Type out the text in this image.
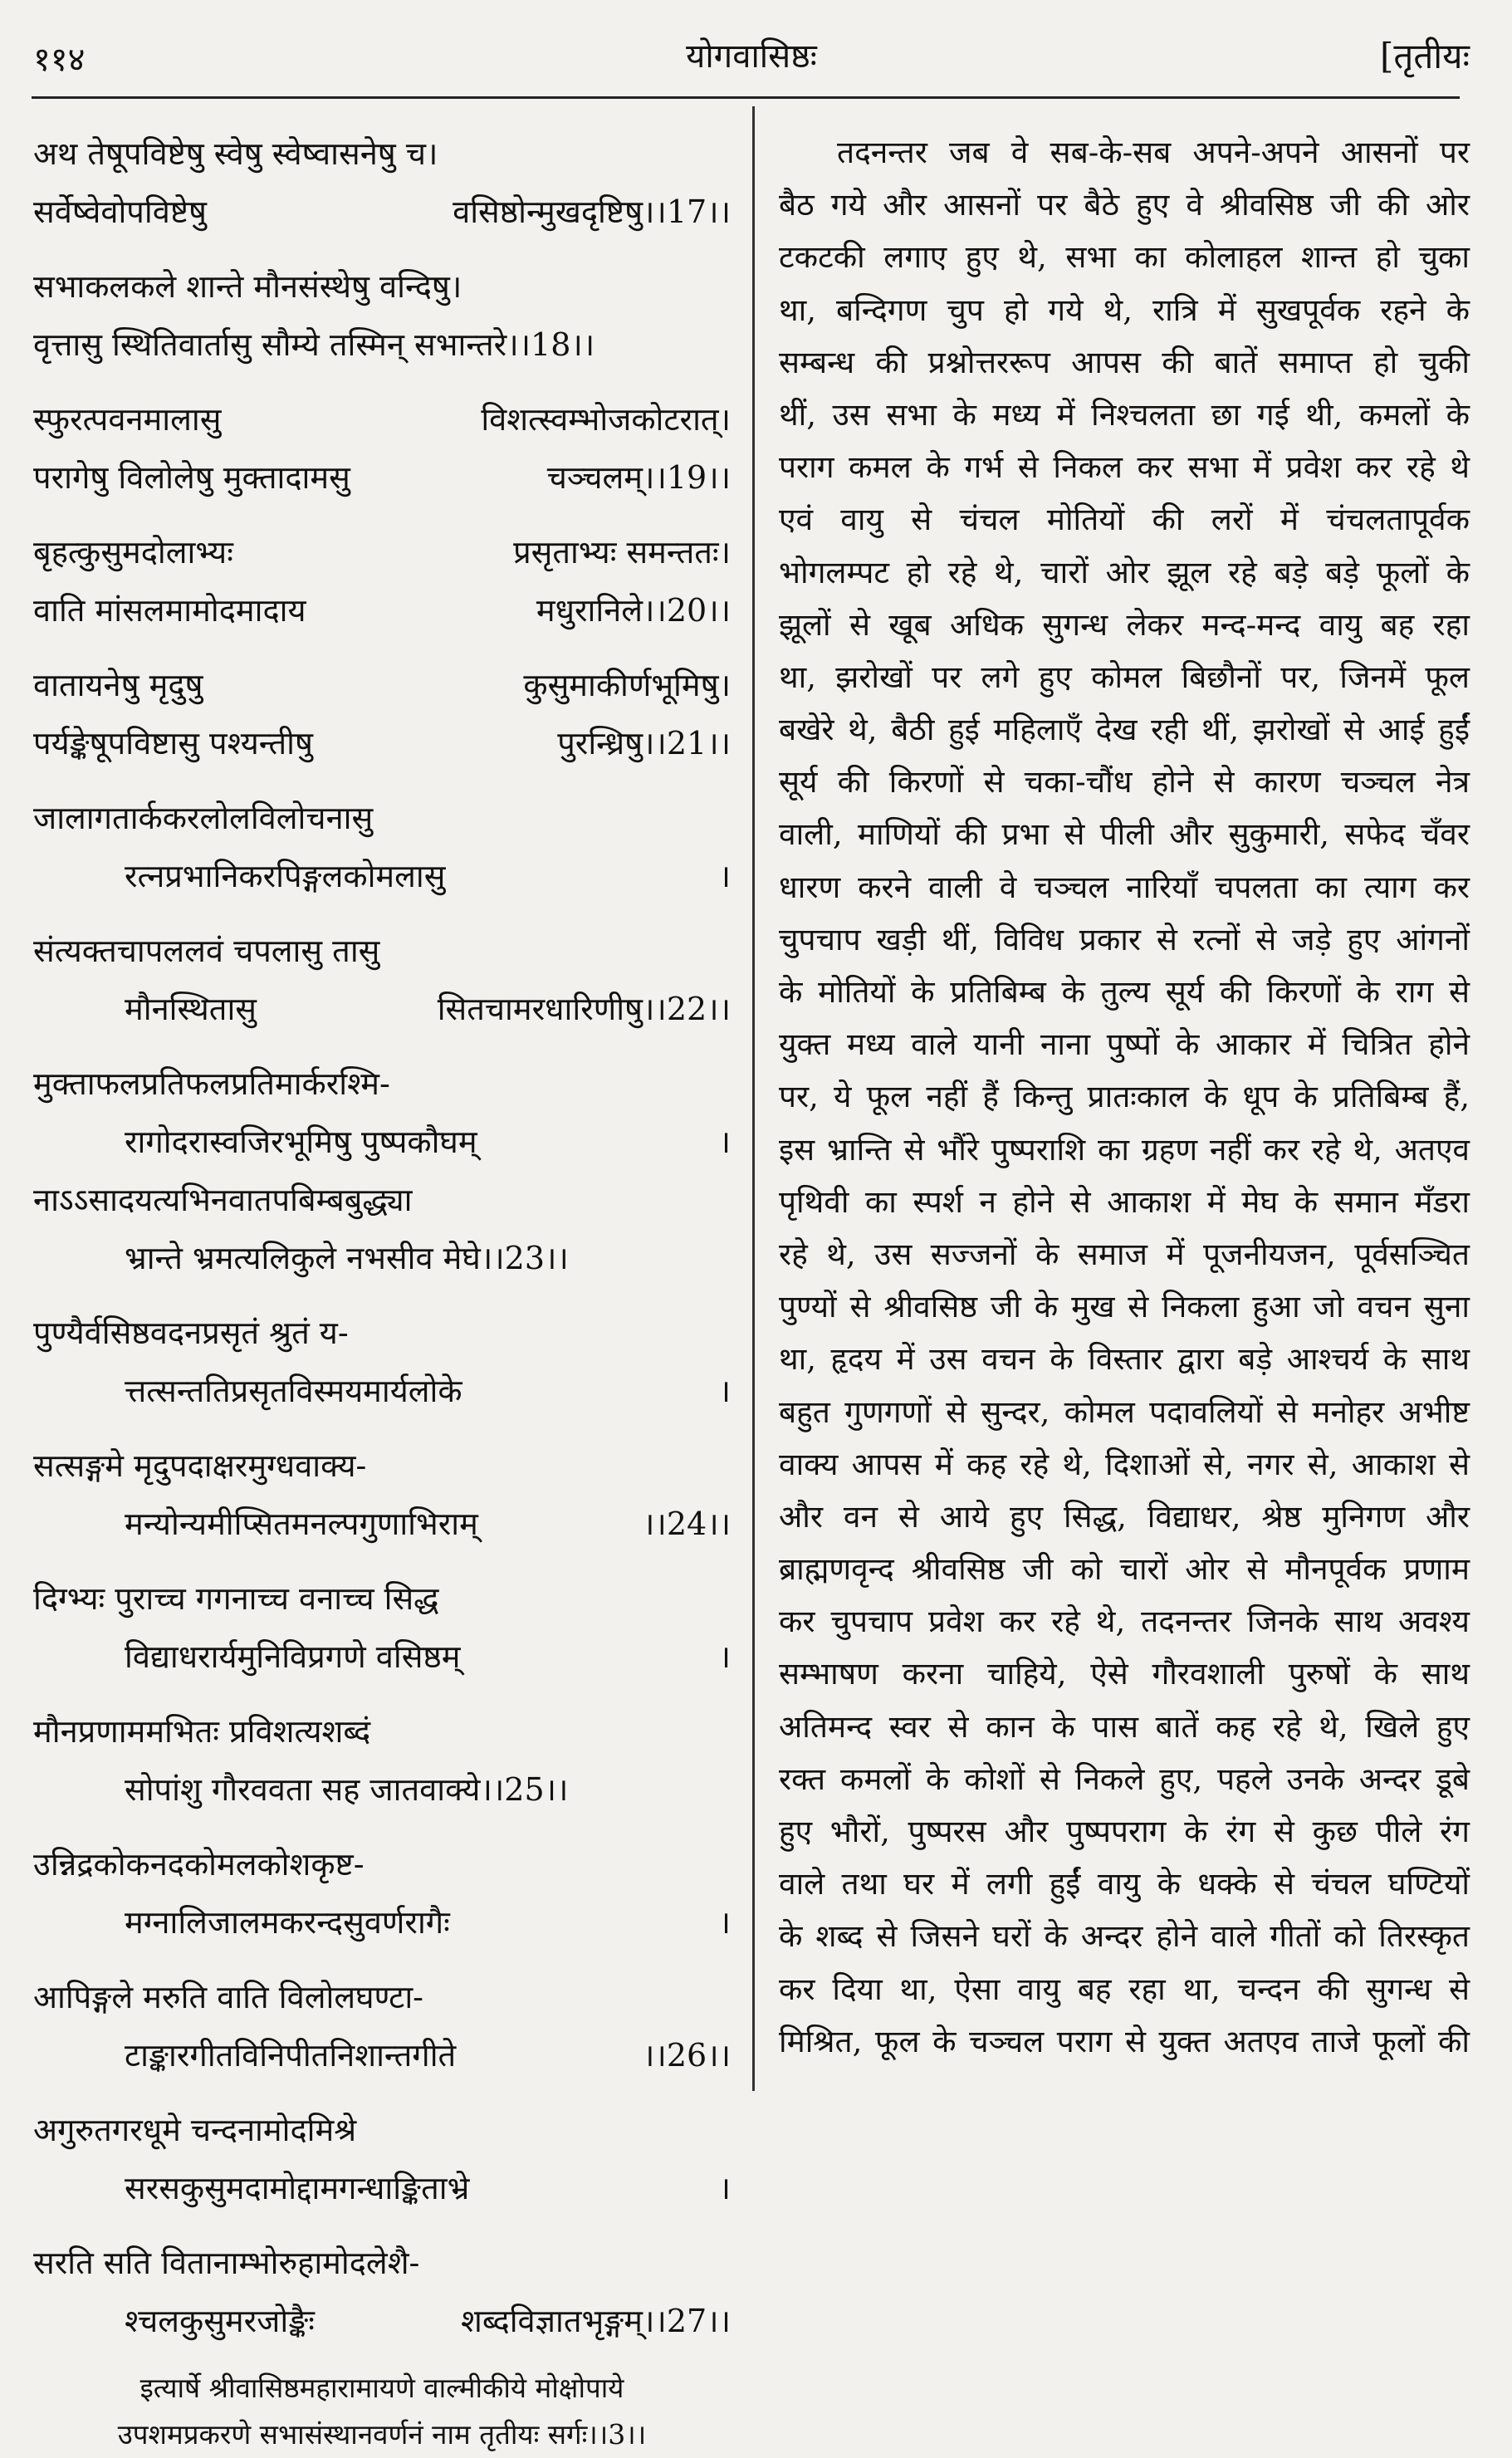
११४	योगवासिष्ठः	[तृतीयः
अथ तेषूपविष्टेषु स्वेषु स्वेष्वासनेषु च।
सर्वेष्वेवोपविष्टेषु	वसिष्ठोन्मुखदृष्टिषु।।17।।
सभाकलकले शान्ते मौनसंस्थेषु वन्दिषु।
वृत्तासु स्थितिवार्तासु सौम्ये तस्मिन् सभान्तरे।।18।।
स्फुरत्पवनमालासु	विशत्स्वम्भोजकोटरात्।
परागेषु विलोलेषु मुक्तादामसु	चञ्चलम्।।19।।
बृहत्कुसुमदोलाभ्यः	प्रसृताभ्यः समन्ततः।
वाति मांसलमामोदमादाय	मधुरानिले।।20।।
वातायनेषु मृदुषु	कुसुमाकीर्णभूमिषु।
पर्यङ्केषूपविष्टासु पश्यन्तीषु	पुरन्ध्रिषु।।21।।
जालागतार्ककरलोलविलोचनासु
रत्नप्रभानिकरपिङ्गलकोमलासु	।
संत्यक्तचापललवं चपलासु तासु
मौनस्थितासु	सितचामरधारिणीषु।।22।।
मुक्ताफलप्रतिफलप्रतिमार्करश्मि-
रागोदरास्वजिरभूमिषु पुष्पकौघम्	।
नाऽऽसादयत्यभिनवातपबिम्बबुद्ध्या
भ्रान्ते भ्रमत्यलिकुले नभसीव मेघे।।23।।
पुण्यैर्वसिष्ठवदनप्रसृतं श्रुतं य-
त्तत्सन्ततिप्रसृतविस्मयमार्यलोके	।
सत्सङ्गमे मृदुपदाक्षरमुग्धवाक्य-
मन्योन्यमीप्सितमनल्पगुणाभिराम्	।।24।।
दिग्भ्यः पुराच्च गगनाच्च वनाच्च सिद्ध
विद्याधरार्यमुनिविप्रगणे वसिष्ठम्	।
मौनप्रणाममभितः प्रविशत्यशब्दं
सोपांशु गौरववता सह जातवाक्ये।।25।।
उन्निद्रकोकनदकोमलकोशकृष्ट-
मग्नालिजालमकरन्दसुवर्णरागैः	।
आपिङ्गले मरुति वाति विलोलघण्टा-
टाङ्कारगीतविनिपीतनिशान्तगीते	।।26।।
अगुरुतगरधूमे चन्दनामोदमिश्रे
सरसकुसुमदामोद्दामगन्धाङ्किताभ्रे	।
सरति सति वितानाम्भोरुहामोदलेशै-
श्चलकुसुमरजोङ्कैः	शब्दविज्ञातभृङ्गम्।।27।।
इत्यार्षे श्रीवासिष्ठमहारामायणे वाल्मीकीये मोक्षोपाये
उपशमप्रकरणे सभासंस्थानवर्णनं नाम तृतीयः सर्गः।।3।।
तदनन्तर जब वे सब-के-सब अपने-अपने आसनों पर
बैठ गये और आसनों पर बैठे हुए वे श्रीवसिष्ठ जी की ओर
टकटकी लगाए हुए थे, सभा का कोलाहल शान्त हो चुका
था, बन्दिगण चुप हो गये थे, रात्रि में सुखपूर्वक रहने के
सम्बन्ध की प्रश्नोत्तररूप आपस की बातें समाप्त हो चुकी
थीं, उस सभा के मध्य में निश्चलता छा गई थी, कमलों के
पराग कमल के गर्भ से निकल कर सभा में प्रवेश कर रहे थे
एवं वायु से चंचल मोतियों की लरों में चंचलतापूर्वक
भोगलम्पट हो रहे थे, चारों ओर झूल रहे बड़े बड़े फूलों के
झूलों से खूब अधिक सुगन्ध लेकर मन्द-मन्द वायु बह रहा
था, झरोखों पर लगे हुए कोमल बिछौनों पर, जिनमें फूल
बखेरे थे, बैठी हुई महिलाएँ देख रही थीं, झरोखों से आई हुईं
सूर्य की किरणों से चका-चौंध होने से कारण चञ्चल नेत्र
वाली, माणियों की प्रभा से पीली और सुकुमारी, सफेद चँवर
धारण करने वाली वे चञ्चल नारियाँ चपलता का त्याग कर
चुपचाप खड़ी थीं, विविध प्रकार से रत्नों से जड़े हुए आंगनों
के मोतियों के प्रतिबिम्ब के तुल्य सूर्य की किरणों के राग से
युक्त मध्य वाले यानी नाना पुष्पों के आकार में चित्रित होने
पर, ये फूल नहीं हैं किन्तु प्रातःकाल के धूप के प्रतिबिम्ब हैं,
इस भ्रान्ति से भौंरे पुष्पराशि का ग्रहण नहीं कर रहे थे, अतएव
पृथिवी का स्पर्श न होने से आकाश में मेघ के समान मँडरा
रहे थे, उस सज्जनों के समाज में पूजनीयजन, पूर्वसञ्चित
पुण्यों से श्रीवसिष्ठ जी के मुख से निकला हुआ जो वचन सुना
था, हृदय में उस वचन के विस्तार द्वारा बड़े आश्चर्य के साथ
बहुत गुणगणों से सुन्दर, कोमल पदावलियों से मनोहर अभीष्ट
वाक्य आपस में कह रहे थे, दिशाओं से, नगर से, आकाश से
और वन से आये हुए सिद्ध, विद्याधर, श्रेष्ठ मुनिगण और
ब्राह्मणवृन्द श्रीवसिष्ठ जी को चारों ओर से मौनपूर्वक प्रणाम
कर चुपचाप प्रवेश कर रहे थे, तदनन्तर जिनके साथ अवश्य
सम्भाषण करना चाहिये, ऐसे गौरवशाली पुरुषों के साथ
अतिमन्द स्वर से कान के पास बातें कह रहे थे, खिले हुए
रक्त कमलों के कोशों से निकले हुए, पहले उनके अन्दर डूबे
हुए भौरों, पुष्परस और पुष्पपराग के रंग से कुछ पीले रंग
वाले तथा घर में लगी हुईं वायु के धक्के से चंचल घण्टियों
के शब्द से जिसने घरों के अन्दर होने वाले गीतों को तिरस्कृत
कर दिया था, ऐसा वायु बह रहा था, चन्दन की सुगन्ध से
मिश्रित, फूल के चञ्चल पराग से युक्त अतएव ताजे फूलों की
